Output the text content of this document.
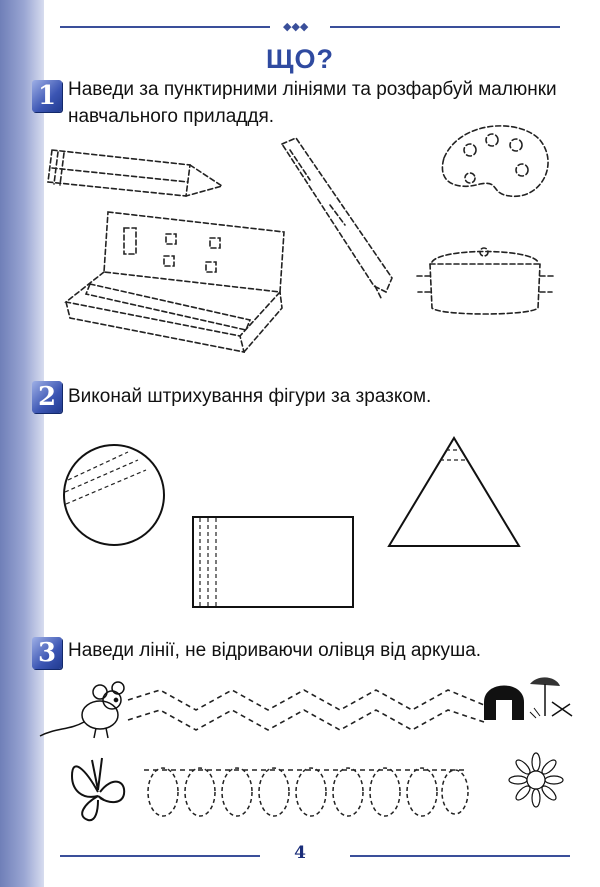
◆◆◆
ЩО?
1 Наведи за пунктирними лініями та розфарбуй малюнки навчального приладдя.
2 Виконай штрихування фігури за зразком.
3 Наведи лінії, не відриваючи олівця від аркуша.
4
